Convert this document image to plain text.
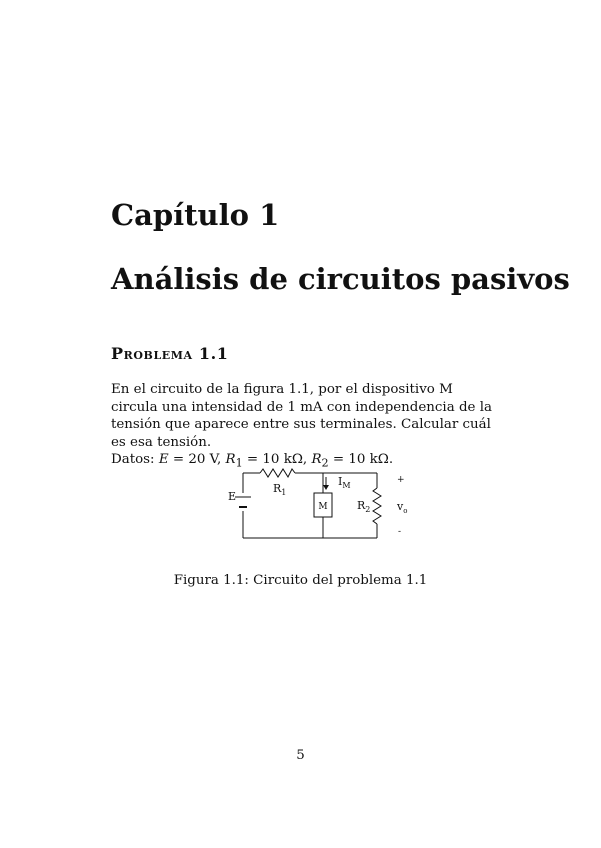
Capítulo 1
Análisis de circuitos pasivos
Problema 1.1

En el circuito de la figura 1.1, por el dispositivo M circula una intensidad de 1 mA con independencia de la tensión que aparece entre sus terminales. Calcular cuál es esa tensión.

Datos: E = 20 V, $R_1 = 10$ kΩ, $R_2 = 10$ kΩ.

E
$R_1$
$I_M$
M	$R_2$
+
$v_o$
-
Figura 1.1: Circuito del problema 1.1
5
